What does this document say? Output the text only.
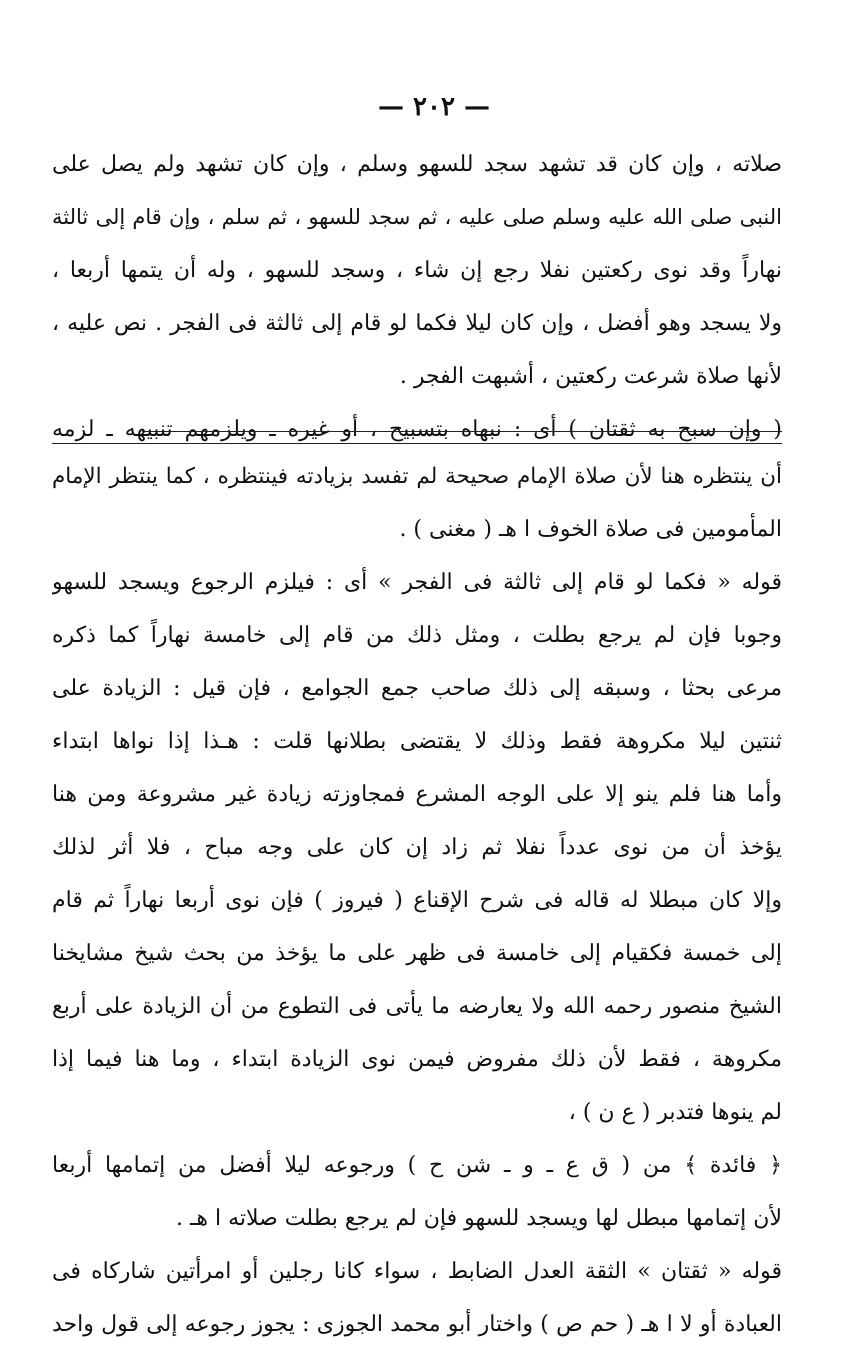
— ٢٠٢ —
صلاته ، وإن كان قد تشهد سجد للسهو وسلم ، وإن كان تشهد ولم يصل على
النبى صلى الله عليه وسلم صلى عليه ، ثم سجد للسهو ، ثم سلم ، وإن قام إلى ثالثة
نهاراً وقد نوى ركعتين نفلا رجع إن شاء ، وسجد للسهو ، وله أن يتمها أربعا ،
ولا يسجد وهو أفضل ، وإن كان ليلا فكما لو قام إلى ثالثة فى الفجر . نص عليه ،
لأنها صلاة شرعت ركعتين ، أشبهت الفجر .
( وإن سبح به ثقتان ) أى : نبهاه بتسبيح ، أو غيره ـ ويلزمهم تنبيهه ـ لزمه
أن ينتظره هنا لأن صلاة الإمام صحيحة لم تفسد بزيادته فينتظره ، كما ينتظر الإمام
المأمومين فى صلاة الخوف ا هـ ( مغنى ) .
قوله « فكما لو قام إلى ثالثة فى الفجر » أى : فيلزم الرجوع ويسجد للسهو
وجوبا فإن لم يرجع بطلت ، ومثل ذلك من قام إلى خامسة نهاراً كما ذكره
مرعى بحثا ، وسبقه إلى ذلك صاحب جمع الجوامع ، فإن قيل : الزيادة على
ثنتين ليلا مكروهة فقط وذلك لا يقتضى بطلانها قلت : هـذا إذا نواها ابتداء
وأما هنا فلم ينو إلا على الوجه المشرع فمجاوزته زيادة غير مشروعة ومن هنا
يؤخذ أن من نوى عدداً نفلا ثم زاد إن كان على وجه مباح ، فلا أثر لذلك
وإلا كان مبطلا له قاله فى شرح الإقناع ( فيروز ) فإن نوى أربعا نهاراً ثم قام
إلى خمسة فكقيام إلى خامسة فى ظهر على ما يؤخذ من بحث شيخ مشايخنا
الشيخ منصور رحمه الله ولا يعارضه ما يأتى فى التطوع من أن الزيادة على أربع
مكروهة ، فقط لأن ذلك مفروض فيمن نوى الزيادة ابتداء ، وما هنا فيما إذا
لم ينوها فتدبر ( ع ن ) ،
﴿ فائدة ﴾ من ( ق ع ـ و ـ شن ح ) ورجوعه ليلا أفضل من إتمامها أربعا
لأن إتمامها مبطل لها ويسجد للسهو فإن لم يرجع بطلت صلاته ا هـ .
قوله « ثقتان » الثقة العدل الضابط ، سواء كانا رجلين أو امرأتين شاركاه فى
العبادة أو لا ا هـ ( حم ص ) واختار أبو محمد الجوزى : يجوز رجوعه إلى قول واحد
